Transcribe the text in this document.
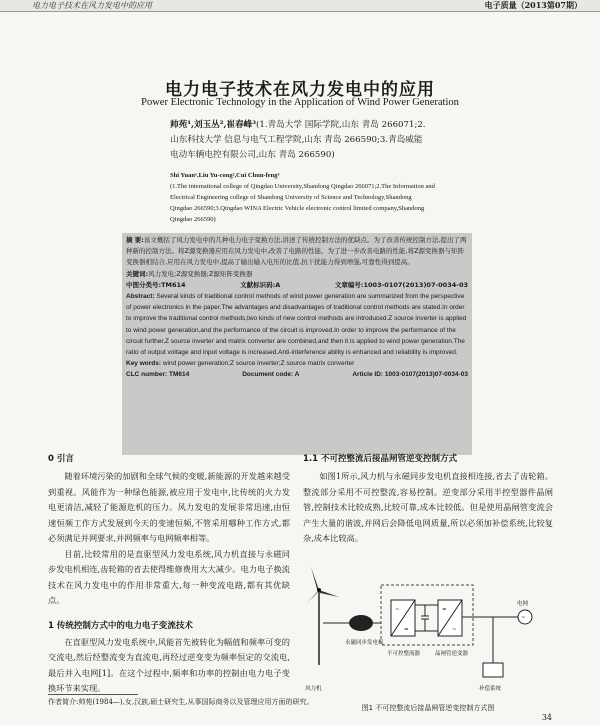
电力电子技术在风力发电中的应用	电子质量（2013第07期）
电力电子技术在风力发电中的应用
Power Electronic Technology in the Application of Wind Power Generation
帅苑¹,刘玉丛²,崔春峰³(1.青岛大学 国际学院,山东 青岛 266071;2.山东科技大学 信息与电气工程学院,山东 青岛 266590;3.青岛威能电动车辆电控有限公司,山东 青岛 266590)
Shi Yuan¹,Liu Yu-cong²,Cui Chun-feng³
(1.The international college of Qingdao University,Shandong Qingdao 266071;2.The Information and Electrical Engineering college of Shandong University of Science and Technology,Shandong Qingdao 266590;3.Qingdao WINA Electric Vehicle electronic control limited company,Shandong Qingdao 266590)
摘 要:该文概括了风力发电中的几种电力电子变换方法,讲述了传统控制方法的优缺点。为了改善传统控制方法,提出了两种新的控制方法。将Z源变换器应用在风力发电中,改善了电路的性能。为了进一步改善电路的性能,将Z源变换器与矩阵变换器相结合,应用在风力发电中,提高了输出输入电压的比值,抗干扰能力得到增强,可靠性得到提高。
关键词:风力发电;Z源变换器;Z源矩阵变换器
中图分类号:TM614	文献标识码:A	文章编号:1003-0107(2013)07-0034-03
Abstract: Several kinds of traditional control methods of wind power generation are summarized from the perspective of power electronics in the paper.The advantages and disadvantages of traditional control methods are stated.In order to improve the traditional control methods,two kinds of new control methods are introduced.Z source inverter is applied to wind power generation,and the performance of the circuit is improved.In order to improve the performance of the circuit further,Z source inverter and matrix converter are combined,and then it is applied to wind power generation.The ratio of output voltage and input voltage is increased.Anti-interference ability is enhanced and reliability is improved.
Key words: wind power generation;Z source inverter;Z source matrix converter
CLC number: TM614	Document code: A	Article ID: 1003-0107(2013)07-0034-03
0 引言

随着环境污染的加剧和全球气候的变暖,新能源的开发越来越受到重视。风能作为一种绿色能源,被应用于发电中,比传统的火力发电更清洁,减轻了能源危机的压力。风力发电的发展非常迅速,由恒速恒频工作方式发展到今天的变速恒频,不管采用哪种工作方式,都必须满足并网要求,并网频率与电网频率相等。

目前,比较常用的是直驱型风力发电系统,风力机直接与永磁同步发电机相连,齿轮箱的省去使得维修费用大大减少。电力电子换流技术在风力发电中的作用非常重大,每一种变流电路,都有其优缺点。

1 传统控制方式中的电力电子变流技术

在直驱型风力发电系统中,风能首先被转化为幅值和频率可变的交流电,然后经整流变为直流电,再经过逆变变为频率恒定的交流电,最后并入电网[1]。在这个过程中,频率和功率的控制由电力电子变换环节来实现。

1.1 不可控整流后接晶闸管逆变控制方式

如图1所示,风力机与永磁同步发电机直接相连接,省去了齿轮箱。整流部分采用不可控整流,容易控制。逆变部分采用半控型器件晶闸管,控制技术比较成熟,比较可靠,成本比较低。但是使用晶闸管变流会产生大量的谐波,并网后会降低电网质量,所以必须加补偿系统,比较复杂,成本比较高。

~
=
=
~
~
风力机
永磁同步发电机
不可控整流器	晶闸管逆变器
电网
补偿系统
图1 不可控整流后接晶闸管逆变控制方式图
作者简介:帅苑(1984—),女,汉族,硕士研究生,从事国际商务以及管理应用方面的研究。
34
